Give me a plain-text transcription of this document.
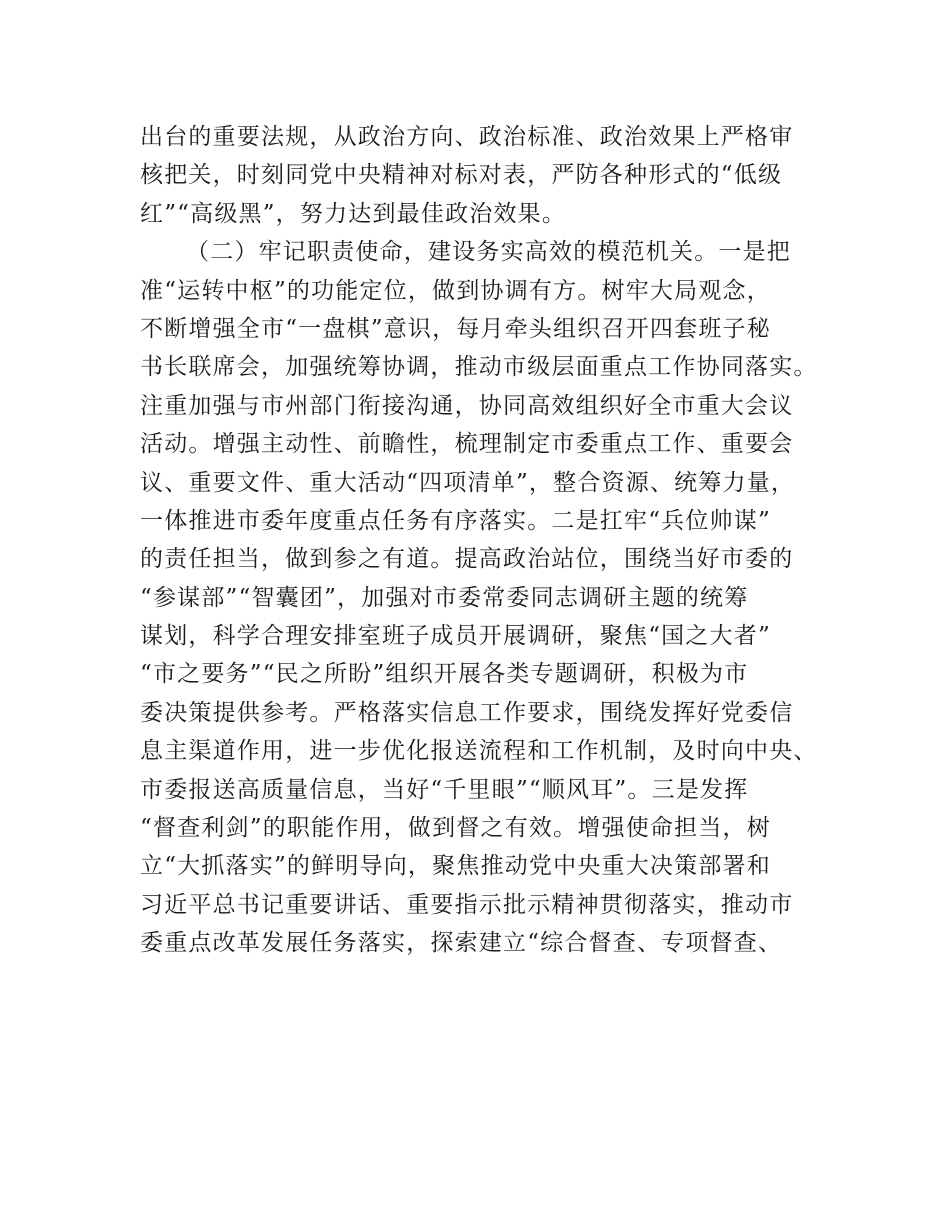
出台的重要法规，从政治方向、政治标准、政治效果上严格审
核把关，时刻同党中央精神对标对表，严防各种形式的“低级
红”“高级黑”，努力达到最佳政治效果。
（二）牢记职责使命，建设务实高效的模范机关。一是把
准“运转中枢”的功能定位，做到协调有方。树牢大局观念，
不断增强全市“一盘棋”意识，每月牵头组织召开四套班子秘
书长联席会，加强统筹协调，推动市级层面重点工作协同落实。
注重加强与市州部门衔接沟通，协同高效组织好全市重大会议
活动。增强主动性、前瞻性，梳理制定市委重点工作、重要会
议、重要文件、重大活动“四项清单”，整合资源、统筹力量，
一体推进市委年度重点任务有序落实。二是扛牢“兵位帅谋”
的责任担当，做到参之有道。提高政治站位，围绕当好市委的
“参谋部”“智囊团”，加强对市委常委同志调研主题的统筹
谋划，科学合理安排室班子成员开展调研，聚焦“国之大者”
“市之要务”“民之所盼”组织开展各类专题调研，积极为市
委决策提供参考。严格落实信息工作要求，围绕发挥好党委信
息主渠道作用，进一步优化报送流程和工作机制，及时向中央、
市委报送高质量信息，当好“千里眼”“顺风耳”。三是发挥
“督查利剑”的职能作用，做到督之有效。增强使命担当，树
立“大抓落实”的鲜明导向，聚焦推动党中央重大决策部署和
习近平总书记重要讲话、重要指示批示精神贯彻落实，推动市
委重点改革发展任务落实，探索建立“综合督查、专项督查、
